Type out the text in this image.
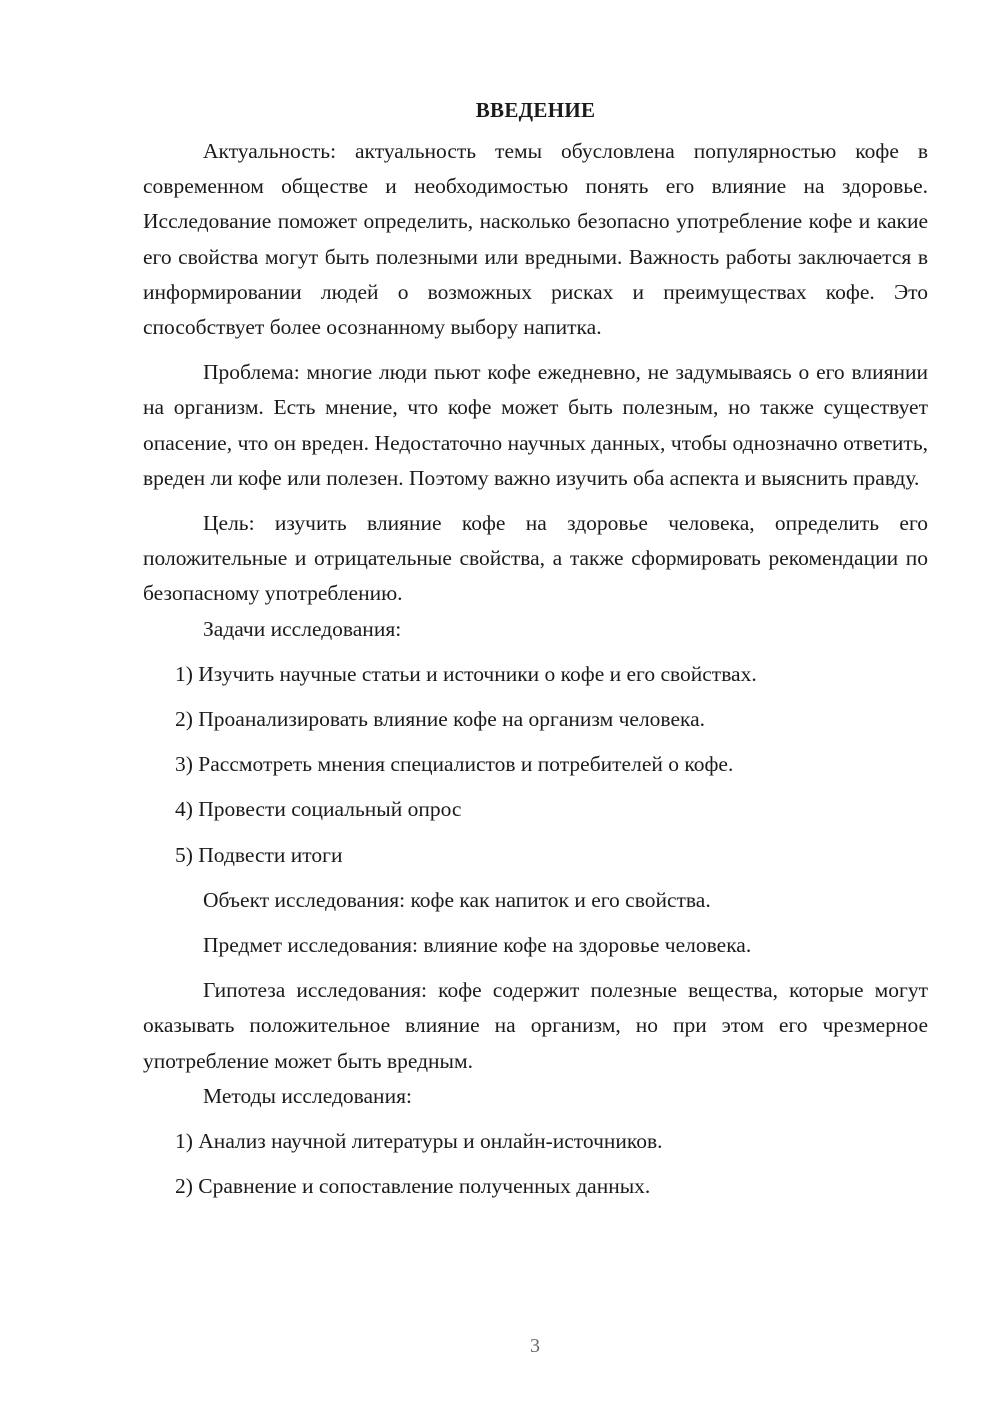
ВВЕДЕНИЕ

Актуальность: актуальность темы обусловлена популярностью кофе в современном обществе и необходимостью понять его влияние на здоровье. Исследование поможет определить, насколько безопасно употребление кофе и какие его свойства могут быть полезными или вредными. Важность работы заключается в информировании людей о возможных рисках и преимуществах кофе. Это способствует более осознанному выбору напитка.

Проблема: многие люди пьют кофе ежедневно, не задумываясь о его влиянии на организм. Есть мнение, что кофе может быть полезным, но также существует опасение, что он вреден. Недостаточно научных данных, чтобы однозначно ответить, вреден ли кофе или полезен. Поэтому важно изучить оба аспекта и выяснить правду.

Цель: изучить влияние кофе на здоровье человека, определить его положительные и отрицательные свойства, а также сформировать рекомендации по безопасному употреблению.

Задачи исследования:

1) Изучить научные статьи и источники о кофе и его свойствах.

2) Проанализировать влияние кофе на организм человека.

3) Рассмотреть мнения специалистов и потребителей о кофе.

4) Провести социальный опрос

5) Подвести итоги

Объект исследования: кофе как напиток и его свойства.

Предмет исследования: влияние кофе на здоровье человека.

Гипотеза исследования: кофе содержит полезные вещества, которые могут оказывать положительное влияние на организм, но при этом его чрезмерное употребление может быть вредным.

Методы исследования:

1) Анализ научной литературы и онлайн-источников.

2) Сравнение и сопоставление полученных данных.

3
